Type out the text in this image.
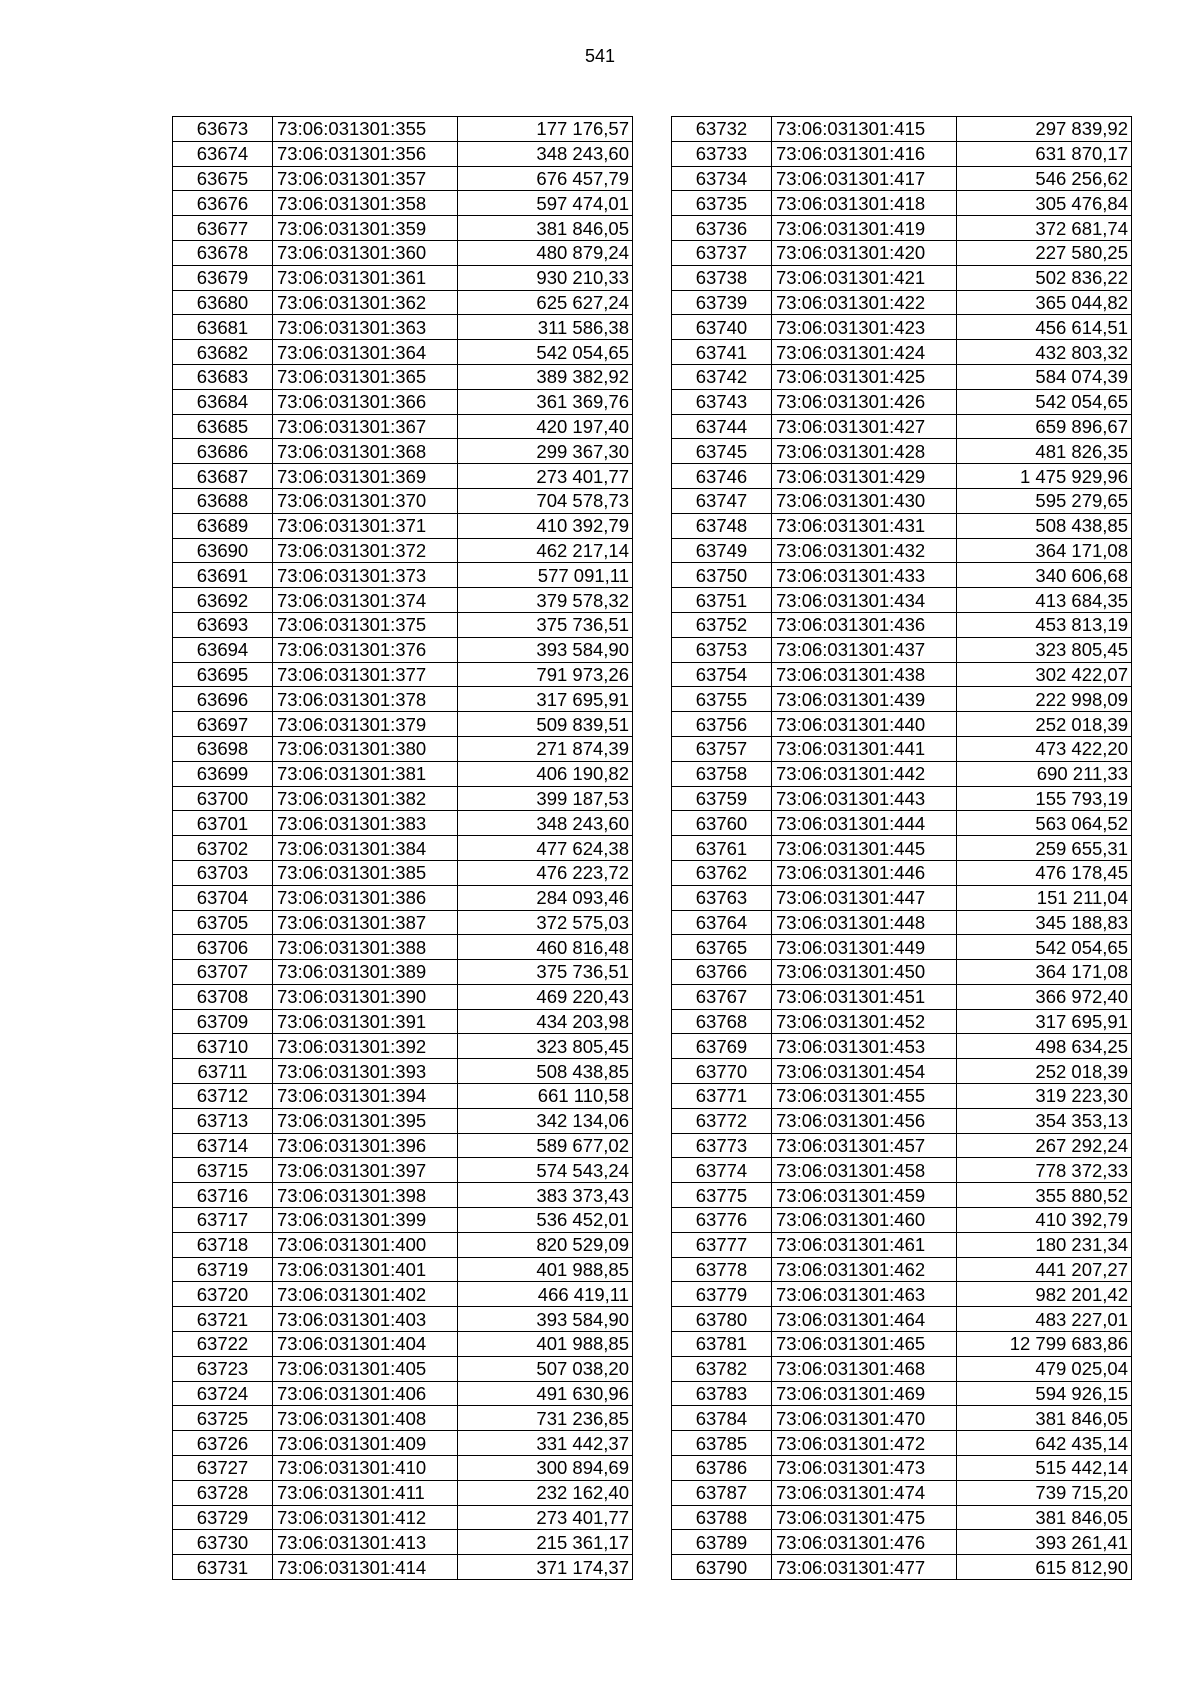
541
63673	73:06:031301:355	177 176,57
63674	73:06:031301:356	348 243,60
63675	73:06:031301:357	676 457,79
63676	73:06:031301:358	597 474,01
63677	73:06:031301:359	381 846,05
63678	73:06:031301:360	480 879,24
63679	73:06:031301:361	930 210,33
63680	73:06:031301:362	625 627,24
63681	73:06:031301:363	311 586,38
63682	73:06:031301:364	542 054,65
63683	73:06:031301:365	389 382,92
63684	73:06:031301:366	361 369,76
63685	73:06:031301:367	420 197,40
63686	73:06:031301:368	299 367,30
63687	73:06:031301:369	273 401,77
63688	73:06:031301:370	704 578,73
63689	73:06:031301:371	410 392,79
63690	73:06:031301:372	462 217,14
63691	73:06:031301:373	577 091,11
63692	73:06:031301:374	379 578,32
63693	73:06:031301:375	375 736,51
63694	73:06:031301:376	393 584,90
63695	73:06:031301:377	791 973,26
63696	73:06:031301:378	317 695,91
63697	73:06:031301:379	509 839,51
63698	73:06:031301:380	271 874,39
63699	73:06:031301:381	406 190,82
63700	73:06:031301:382	399 187,53
63701	73:06:031301:383	348 243,60
63702	73:06:031301:384	477 624,38
63703	73:06:031301:385	476 223,72
63704	73:06:031301:386	284 093,46
63705	73:06:031301:387	372 575,03
63706	73:06:031301:388	460 816,48
63707	73:06:031301:389	375 736,51
63708	73:06:031301:390	469 220,43
63709	73:06:031301:391	434 203,98
63710	73:06:031301:392	323 805,45
63711	73:06:031301:393	508 438,85
63712	73:06:031301:394	661 110,58
63713	73:06:031301:395	342 134,06
63714	73:06:031301:396	589 677,02
63715	73:06:031301:397	574 543,24
63716	73:06:031301:398	383 373,43
63717	73:06:031301:399	536 452,01
63718	73:06:031301:400	820 529,09
63719	73:06:031301:401	401 988,85
63720	73:06:031301:402	466 419,11
63721	73:06:031301:403	393 584,90
63722	73:06:031301:404	401 988,85
63723	73:06:031301:405	507 038,20
63724	73:06:031301:406	491 630,96
63725	73:06:031301:408	731 236,85
63726	73:06:031301:409	331 442,37
63727	73:06:031301:410	300 894,69
63728	73:06:031301:411	232 162,40
63729	73:06:031301:412	273 401,77
63730	73:06:031301:413	215 361,17
63731	73:06:031301:414	371 174,37
63732	73:06:031301:415	297 839,92
63733	73:06:031301:416	631 870,17
63734	73:06:031301:417	546 256,62
63735	73:06:031301:418	305 476,84
63736	73:06:031301:419	372 681,74
63737	73:06:031301:420	227 580,25
63738	73:06:031301:421	502 836,22
63739	73:06:031301:422	365 044,82
63740	73:06:031301:423	456 614,51
63741	73:06:031301:424	432 803,32
63742	73:06:031301:425	584 074,39
63743	73:06:031301:426	542 054,65
63744	73:06:031301:427	659 896,67
63745	73:06:031301:428	481 826,35
63746	73:06:031301:429	1 475 929,96
63747	73:06:031301:430	595 279,65
63748	73:06:031301:431	508 438,85
63749	73:06:031301:432	364 171,08
63750	73:06:031301:433	340 606,68
63751	73:06:031301:434	413 684,35
63752	73:06:031301:436	453 813,19
63753	73:06:031301:437	323 805,45
63754	73:06:031301:438	302 422,07
63755	73:06:031301:439	222 998,09
63756	73:06:031301:440	252 018,39
63757	73:06:031301:441	473 422,20
63758	73:06:031301:442	690 211,33
63759	73:06:031301:443	155 793,19
63760	73:06:031301:444	563 064,52
63761	73:06:031301:445	259 655,31
63762	73:06:031301:446	476 178,45
63763	73:06:031301:447	151 211,04
63764	73:06:031301:448	345 188,83
63765	73:06:031301:449	542 054,65
63766	73:06:031301:450	364 171,08
63767	73:06:031301:451	366 972,40
63768	73:06:031301:452	317 695,91
63769	73:06:031301:453	498 634,25
63770	73:06:031301:454	252 018,39
63771	73:06:031301:455	319 223,30
63772	73:06:031301:456	354 353,13
63773	73:06:031301:457	267 292,24
63774	73:06:031301:458	778 372,33
63775	73:06:031301:459	355 880,52
63776	73:06:031301:460	410 392,79
63777	73:06:031301:461	180 231,34
63778	73:06:031301:462	441 207,27
63779	73:06:031301:463	982 201,42
63780	73:06:031301:464	483 227,01
63781	73:06:031301:465	12 799 683,86
63782	73:06:031301:468	479 025,04
63783	73:06:031301:469	594 926,15
63784	73:06:031301:470	381 846,05
63785	73:06:031301:472	642 435,14
63786	73:06:031301:473	515 442,14
63787	73:06:031301:474	739 715,20
63788	73:06:031301:475	381 846,05
63789	73:06:031301:476	393 261,41
63790	73:06:031301:477	615 812,90
